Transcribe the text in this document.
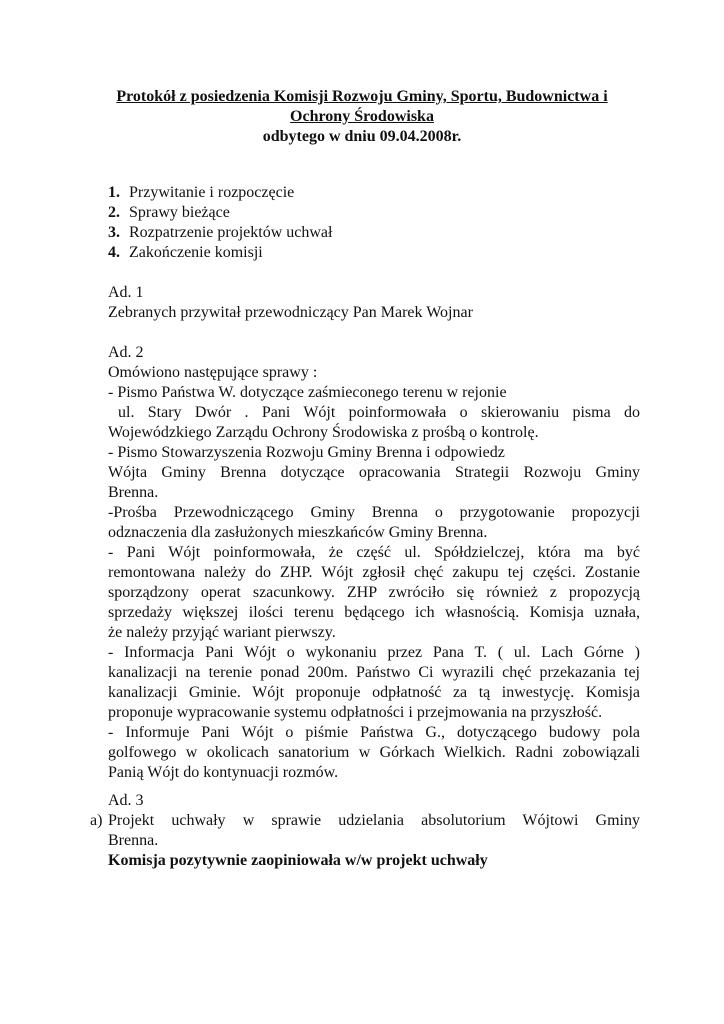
Protokół z posiedzenia Komisji Rozwoju Gminy, Sportu, Budownictwa i
Ochrony Środowiska
odbytego w dniu 09.04.2008r.
1. Przywitanie i rozpoczęcie
2. Sprawy bieżące
3. Rozpatrzenie projektów uchwał
4. Zakończenie komisji
Ad. 1
Zebranych przywitał przewodniczący Pan Marek Wojnar
Ad. 2
Omówiono następujące sprawy :
- Pismo Państwa W. dotyczące zaśmieconego terenu w rejonie
ul. Stary Dwór . Pani Wójt poinformowała o skierowaniu pisma do
Wojewódzkiego Zarządu Ochrony Środowiska z prośbą o kontrolę.
- Pismo Stowarzyszenia Rozwoju Gminy Brenna i odpowiedz
Wójta Gminy Brenna dotyczące opracowania Strategii Rozwoju Gminy
Brenna.
-Prośba Przewodniczącego Gminy Brenna o przygotowanie propozycji
odznaczenia dla zasłużonych mieszkańców Gminy Brenna.
- Pani Wójt poinformowała, że część ul. Spółdzielczej, która ma być
remontowana należy do ZHP. Wójt zgłosił chęć zakupu tej części. Zostanie
sporządzony operat szacunkowy. ZHP zwróciło się również z propozycją
sprzedaży większej ilości terenu będącego ich własnością. Komisja uznała,
że należy przyjąć wariant pierwszy.
- Informacja Pani Wójt o wykonaniu przez Pana T. ( ul. Lach Górne )
kanalizacji na terenie ponad 200m. Państwo Ci wyrazili chęć przekazania tej
kanalizacji Gminie. Wójt proponuje odpłatność za tą inwestycję. Komisja
proponuje wypracowanie systemu odpłatności i przejmowania na przyszłość.
- Informuje Pani Wójt o piśmie Państwa G., dotyczącego budowy pola
golfowego w okolicach sanatorium w Górkach Wielkich. Radni zobowiązali
Panią Wójt do kontynuacji rozmów.
Ad. 3
Projekt uchwały w sprawie udzielania absolutorium Wójtowi Gminy
Brenna.
Komisja pozytywnie zaopiniowała w/w projekt uchwały
a)
